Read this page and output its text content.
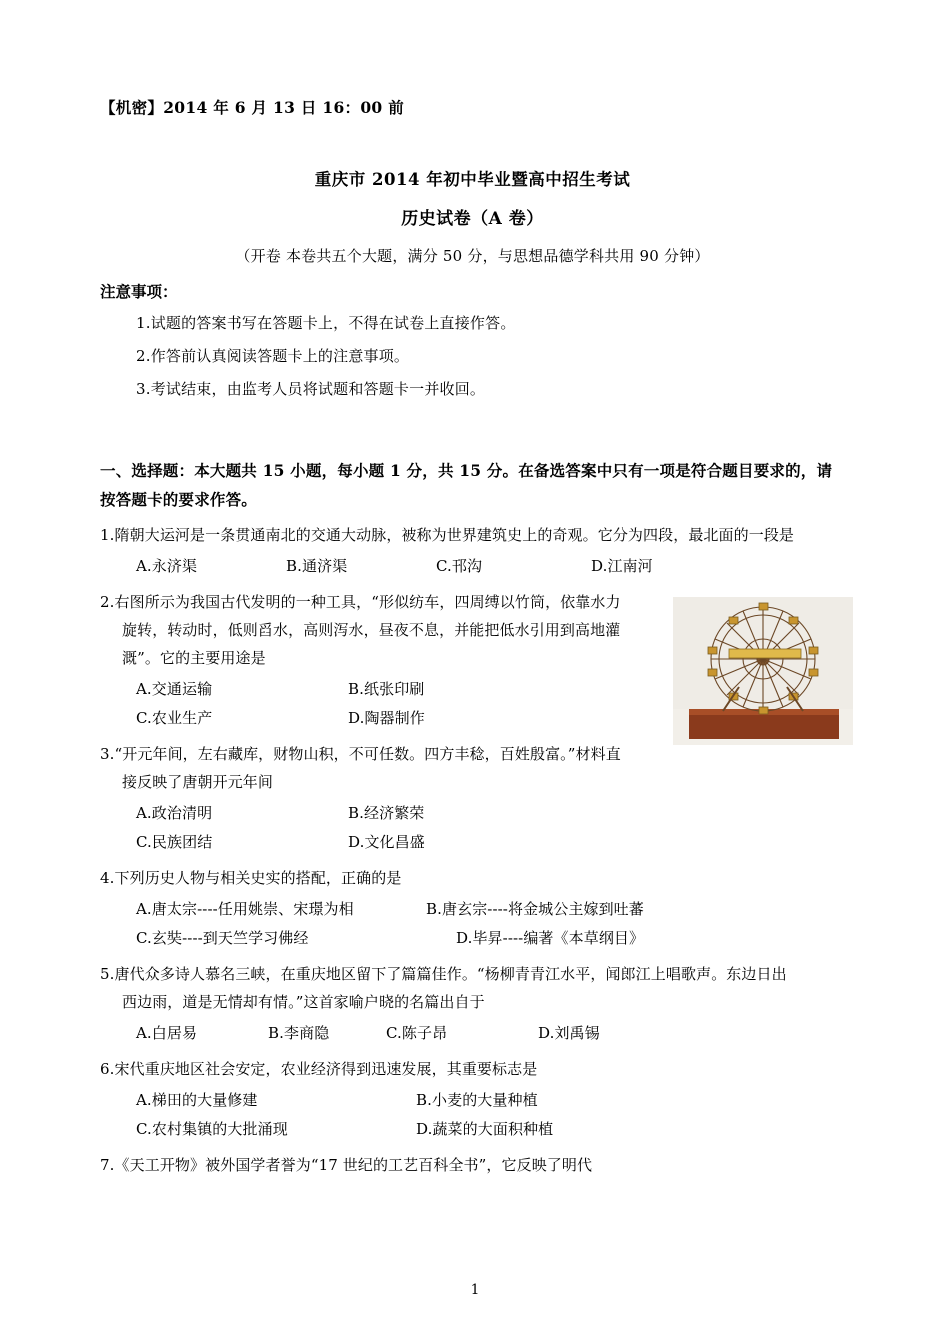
【机密】2014 年 6 月 13 日 16：00 前
重庆市 2014 年初中毕业暨高中招生考试
历史试卷（A 卷）
（开卷 本卷共五个大题，满分 50 分，与思想品德学科共用 90 分钟）
注意事项：
1.试题的答案书写在答题卡上，不得在试卷上直接作答。
2.作答前认真阅读答题卡上的注意事项。
3.考试结束，由监考人员将试题和答题卡一并收回。
一、选择题：本大题共 15 小题，每小题 1 分，共 15 分。在备选答案中只有一项是符合题目要求的，请按答题卡的要求作答。
1.隋朝大运河是一条贯通南北的交通大动脉，被称为世界建筑史上的奇观。它分为四段，最北面的一段是
A.永济渠	B.通济渠	C.邗沟	D.江南河
2.右图所示为我国古代发明的一种工具，“形似纺车，四周缚以竹筒，依靠水力
旋转，转动时，低则舀水，高则泻水，昼夜不息，并能把低水引用到高地灌
溉”。它的主要用途是
A.交通运输	B.纸张印刷
C.农业生产	D.陶器制作
3.“开元年间，左右藏库，财物山积，不可任数。四方丰稔，百姓殷富。”材料直
接反映了唐朝开元年间
A.政治清明	B.经济繁荣
C.民族团结	D.文化昌盛
4.下列历史人物与相关史实的搭配，正确的是
A.唐太宗----任用姚崇、宋璟为相	B.唐玄宗----将金城公主嫁到吐蕃
C.玄奘----到天竺学习佛经	D.毕昇----编著《本草纲目》
5.唐代众多诗人慕名三峡，在重庆地区留下了篇篇佳作。“杨柳青青江水平，闻郎江上唱歌声。东边日出
西边雨，道是无情却有情。”这首家喻户晓的名篇出自于
A.白居易	B.李商隐	C.陈子昂	D.刘禹锡
6.宋代重庆地区社会安定，农业经济得到迅速发展，其重要标志是
A.梯田的大量修建	B.小麦的大量种植
C.农村集镇的大批涌现	D.蔬菜的大面积种植
7.《天工开物》被外国学者誉为“17 世纪的工艺百科全书”，它反映了明代
1
